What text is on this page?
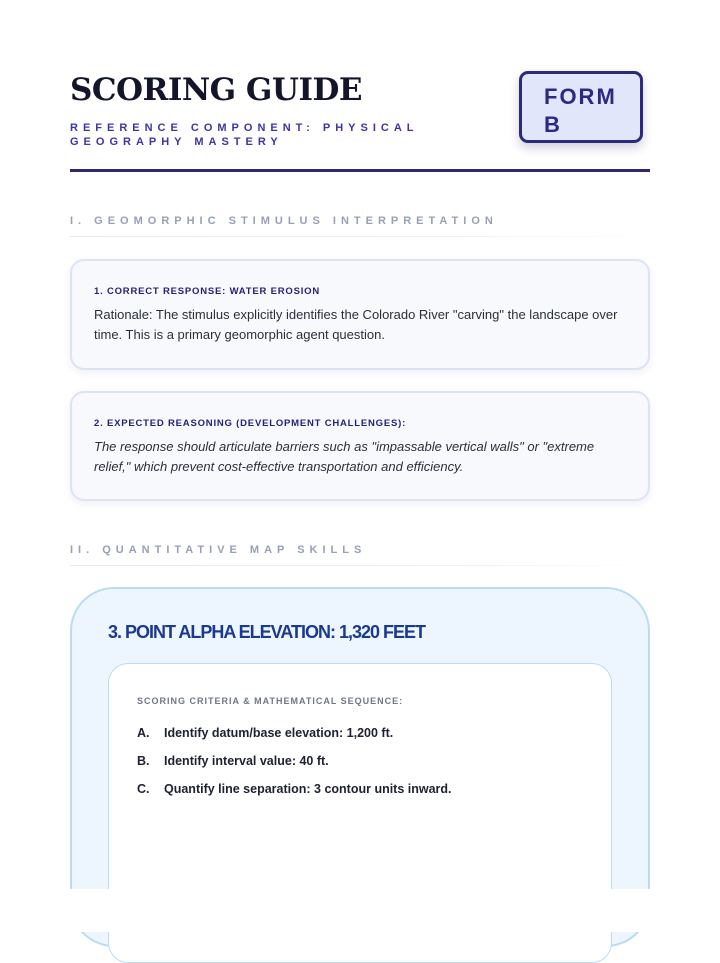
SCORING GUIDE
REFERENCE COMPONENT: PHYSICAL GEOGRAPHY MASTERY
FORM B
I. GEOMORPHIC STIMULUS INTERPRETATION
1. CORRECT RESPONSE: WATER EROSION

Rationale: The stimulus explicitly identifies the Colorado River "carving" the landscape over time. This is a primary geomorphic agent question.

2. EXPECTED REASONING (DEVELOPMENT CHALLENGES):

The response should articulate barriers such as "impassable vertical walls" or "extreme relief," which prevent cost-effective transportation and efficiency.

II. QUANTITATIVE MAP SKILLS
3. POINT ALPHA ELEVATION: 1,320 FEET
SCORING CRITERIA & MATHEMATICAL SEQUENCE:
A. Identify datum/base elevation: 1,200 ft.
B. Identify interval value: 40 ft.
C. Quantify line separation: 3 contour units inward.
